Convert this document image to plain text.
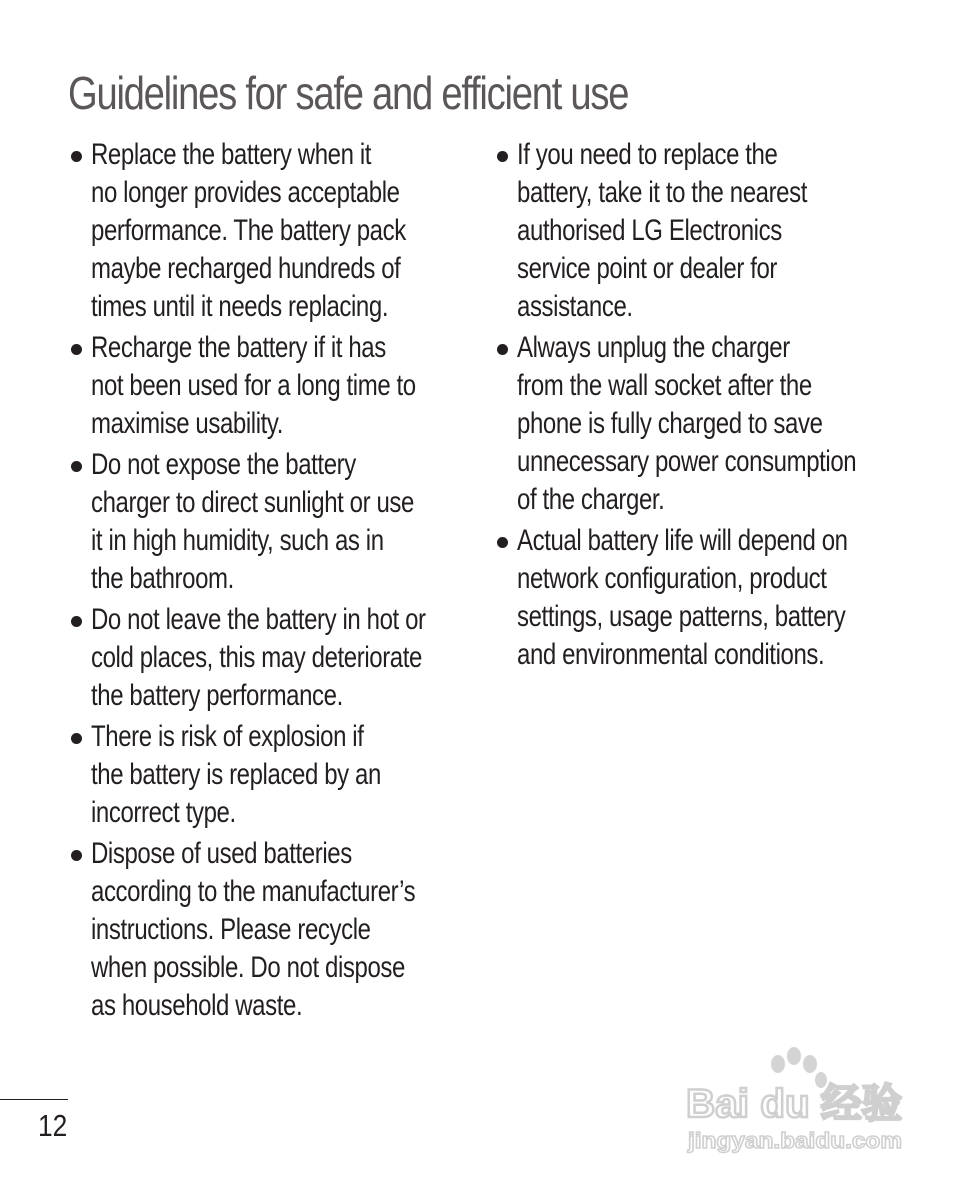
Guidelines for safe and efficient use
Replace the battery when it
no longer provides acceptable
performance. The battery pack
maybe recharged hundreds of
times until it needs replacing.
Recharge the battery if it has
not been used for a long time to
maximise usability.
Do not expose the battery
charger to direct sunlight or use
it in high humidity, such as in
the bathroom.
Do not leave the battery in hot or
cold places, this may deteriorate
the battery performance.
There is risk of explosion if
the battery is replaced by an
incorrect type.
Dispose of used batteries
according to the manufacturer’s
instructions. Please recycle
when possible. Do not dispose
as household waste.
If you need to replace the
battery, take it to the nearest
authorised LG Electronics
service point or dealer for
assistance.
Always unplug the charger
from the wall socket after the
phone is fully charged to save
unnecessary power consumption
of the charger.
Actual battery life will depend on
network configuration, product
settings, usage patterns, battery
and environmental conditions.
12	Bai du 经验
jingyan.baidu.com
